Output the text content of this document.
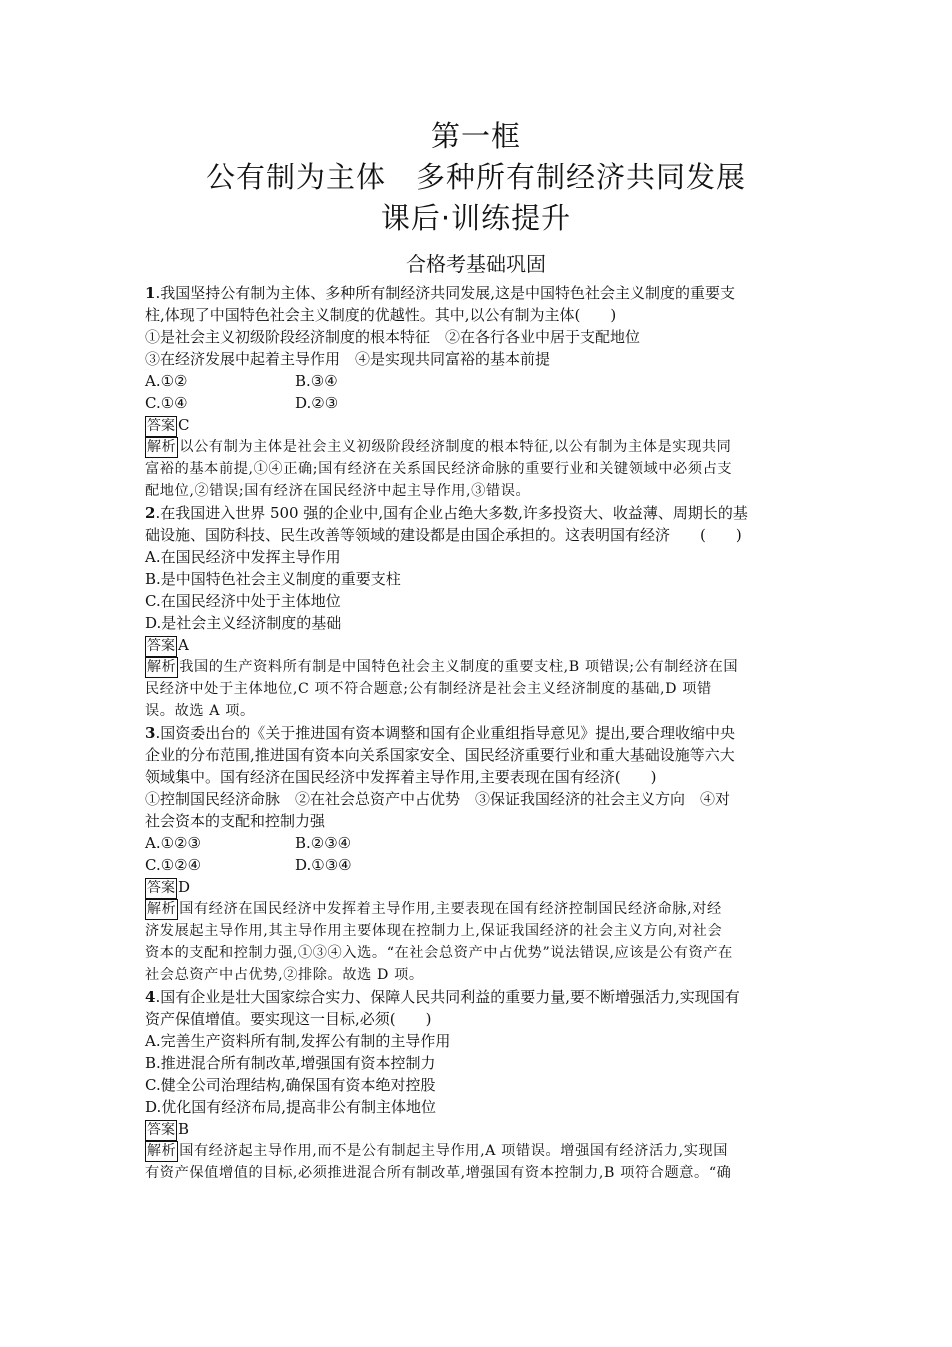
第一框
公有制为主体　多种所有制经济共同发展
课后·训练提升
合格考基础巩固
1.我国坚持公有制为主体、多种所有制经济共同发展,这是中国特色社会主义制度的重要支
柱,体现了中国特色社会主义制度的优越性。其中,以公有制为主体(　　)
①是社会主义初级阶段经济制度的根本特征　②在各行各业中居于支配地位
③在经济发展中起着主导作用　④是实现共同富裕的基本前提
A.①②	B.③④
C.①④	D.②③
答案 C
解析 以公有制为主体是社会主义初级阶段经济制度的根本特征,以公有制为主体是实现共同
富裕的基本前提,①④正确;国有经济在关系国民经济命脉的重要行业和关键领域中必须占支
配地位,②错误;国有经济在国民经济中起主导作用,③错误。
2.在我国进入世界 500 强的企业中,国有企业占绝大多数,许多投资大、收益薄、周期长的基
础设施、国防科技、民生改善等领域的建设都是由国企承担的。这表明国有经济　　(　　)
A.在国民经济中发挥主导作用
B.是中国特色社会主义制度的重要支柱
C.在国民经济中处于主体地位
D.是社会主义经济制度的基础
答案 A
解析 我国的生产资料所有制是中国特色社会主义制度的重要支柱,B 项错误;公有制经济在国
民经济中处于主体地位,C 项不符合题意;公有制经济是社会主义经济制度的基础,D 项错
误。故选 A 项。
3.国资委出台的《关于推进国有资本调整和国有企业重组指导意见》提出,要合理收缩中央
企业的分布范围,推进国有资本向关系国家安全、国民经济重要行业和重大基础设施等六大
领域集中。国有经济在国民经济中发挥着主导作用,主要表现在国有经济(　　)
①控制国民经济命脉　②在社会总资产中占优势　③保证我国经济的社会主义方向　④对
社会资本的支配和控制力强
A.①②③	B.②③④
C.①②④	D.①③④
答案 D
解析 国有经济在国民经济中发挥着主导作用,主要表现在国有经济控制国民经济命脉,对经
济发展起主导作用,其主导作用主要体现在控制力上,保证我国经济的社会主义方向,对社会
资本的支配和控制力强,①③④入选。“在社会总资产中占优势”说法错误,应该是公有资产在
社会总资产中占优势,②排除。故选 D 项。
4.国有企业是壮大国家综合实力、保障人民共同利益的重要力量,要不断增强活力,实现国有
资产保值增值。要实现这一目标,必须(　　)
A.完善生产资料所有制,发挥公有制的主导作用
B.推进混合所有制改革,增强国有资本控制力
C.健全公司治理结构,确保国有资本绝对控股
D.优化国有经济布局,提高非公有制主体地位
答案 B
解析 国有经济起主导作用,而不是公有制起主导作用,A 项错误。增强国有经济活力,实现国
有资产保值增值的目标,必须推进混合所有制改革,增强国有资本控制力,B 项符合题意。“确
